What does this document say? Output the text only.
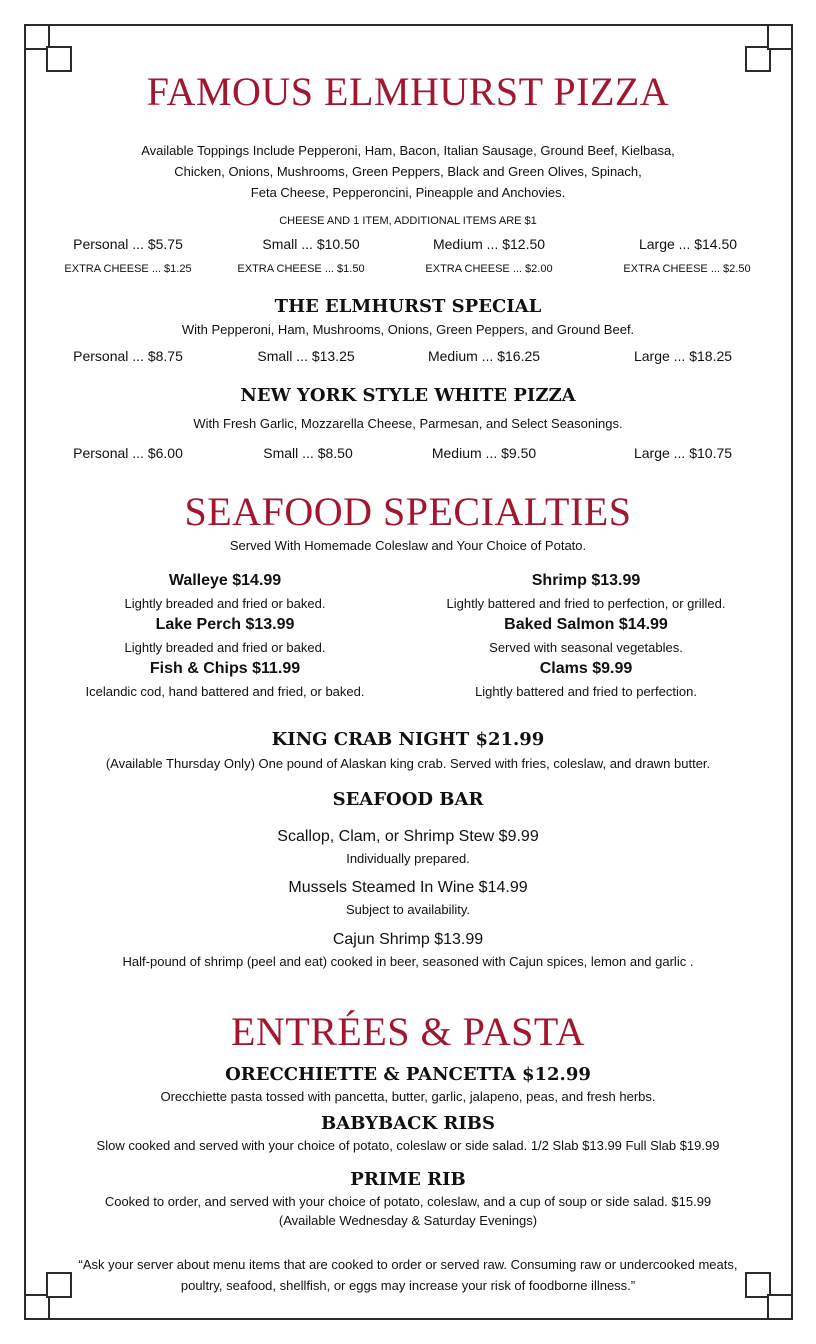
FAMOUS ELMHURST PIZZA
Available Toppings Include Pepperoni, Ham, Bacon, Italian Sausage, Ground Beef, Kielbasa,
Chicken, Onions, Mushrooms, Green Peppers, Black and Green Olives, Spinach,
Feta Cheese, Pepperoncini, Pineapple and Anchovies.
CHEESE AND 1 ITEM, ADDITIONAL ITEMS ARE $1
Personal ... $5.75	Small ... $10.50	Medium ... $12.50	Large ... $14.50
EXTRA CHEESE ... $1.25	EXTRA CHEESE ... $1.50	EXTRA CHEESE ... $2.00	EXTRA CHEESE ... $2.50
THE ELMHURST SPECIAL
With Pepperoni, Ham, Mushrooms, Onions, Green Peppers, and Ground Beef.
Personal ... $8.75	Small ... $13.25	Medium ... $16.25	Large ... $18.25
NEW YORK STYLE WHITE PIZZA
With Fresh Garlic, Mozzarella Cheese, Parmesan, and Select Seasonings.
Personal ... $6.00	Small ... $8.50	Medium ... $9.50	Large ... $10.75
SEAFOOD SPECIALTIES
Served With Homemade Coleslaw and Your Choice of Potato.
Walleye $14.99
Lightly breaded and fried or baked.
Lake Perch $13.99
Lightly breaded and fried or baked.
Fish & Chips $11.99
Icelandic cod, hand battered and fried, or baked.
Shrimp $13.99
Lightly battered and fried to perfection, or grilled.
Baked Salmon $14.99
Served with seasonal vegetables.
Clams $9.99
Lightly battered and fried to perfection.
KING CRAB NIGHT $21.99
(Available Thursday Only) One pound of Alaskan king crab. Served with fries, coleslaw, and drawn butter.
SEAFOOD BAR
Scallop, Clam, or Shrimp Stew $9.99
Individually prepared.
Mussels Steamed In Wine $14.99
Subject to availability.
Cajun Shrimp $13.99
Half-pound of shrimp (peel and eat) cooked in beer, seasoned with Cajun spices, lemon and garlic .
ENTRÉES & PASTA
ORECCHIETTE & PANCETTA $12.99
Orecchiette pasta tossed with pancetta, butter, garlic, jalapeno, peas, and fresh herbs.
BABYBACK RIBS
Slow cooked and served with your choice of potato, coleslaw or side salad. 1/2 Slab $13.99 Full Slab $19.99
PRIME RIB
Cooked to order, and served with your choice of potato, coleslaw, and a cup of soup or side salad. $15.99
(Available Wednesday & Saturday Evenings)
“Ask your server about menu items that are cooked to order or served raw. Consuming raw or undercooked meats,
poultry, seafood, shellfish, or eggs may increase your risk of foodborne illness.”
